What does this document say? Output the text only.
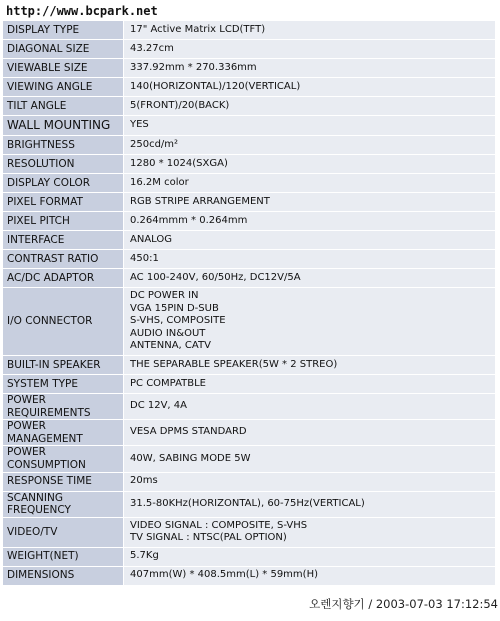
http://www.bcpark.net
DISPLAY TYPE	17" Active Matrix LCD(TFT)
DIAGONAL SIZE	43.27cm
VIEWABLE SIZE	337.92mm * 270.336mm
VIEWING ANGLE	140(HORIZONTAL)/120(VERTICAL)
TILT ANGLE	5(FRONT)/20(BACK)
WALL MOUNTING	YES
BRIGHTNESS	250cd/m²
RESOLUTION	1280 * 1024(SXGA)
DISPLAY COLOR	16.2M color
PIXEL FORMAT	RGB STRIPE ARRANGEMENT
PIXEL PITCH	0.264mmm * 0.264mm
INTERFACE	ANALOG
CONTRAST RATIO	450:1
AC/DC ADAPTOR	AC 100-240V, 60/50Hz, DC12V/5A
I/O CONNECTOR	DC POWER IN
VGA 15PIN D-SUB
S-VHS, COMPOSITE
AUDIO IN&OUT
ANTENNA, CATV
BUILT-IN SPEAKER	THE SEPARABLE SPEAKER(5W * 2 STREO)
SYSTEM TYPE	PC COMPATBLE
POWER
REQUIREMENTS	DC 12V, 4A
POWER
MANAGEMENT	VESA DPMS STANDARD
POWER
CONSUMPTION	40W, SABING MODE 5W
RESPONSE TIME	20ms
SCANNING
FREQUENCY	31.5-80KHz(HORIZONTAL), 60-75Hz(VERTICAL)
VIDEO/TV	VIDEO SIGNAL : COMPOSITE, S-VHS
TV SIGNAL : NTSC(PAL OPTION)
WEIGHT(NET)	5.7Kg
DIMENSIONS	407mm(W) * 408.5mm(L) * 59mm(H)
오렌지향기 / 2003-07-03 17:12:54
